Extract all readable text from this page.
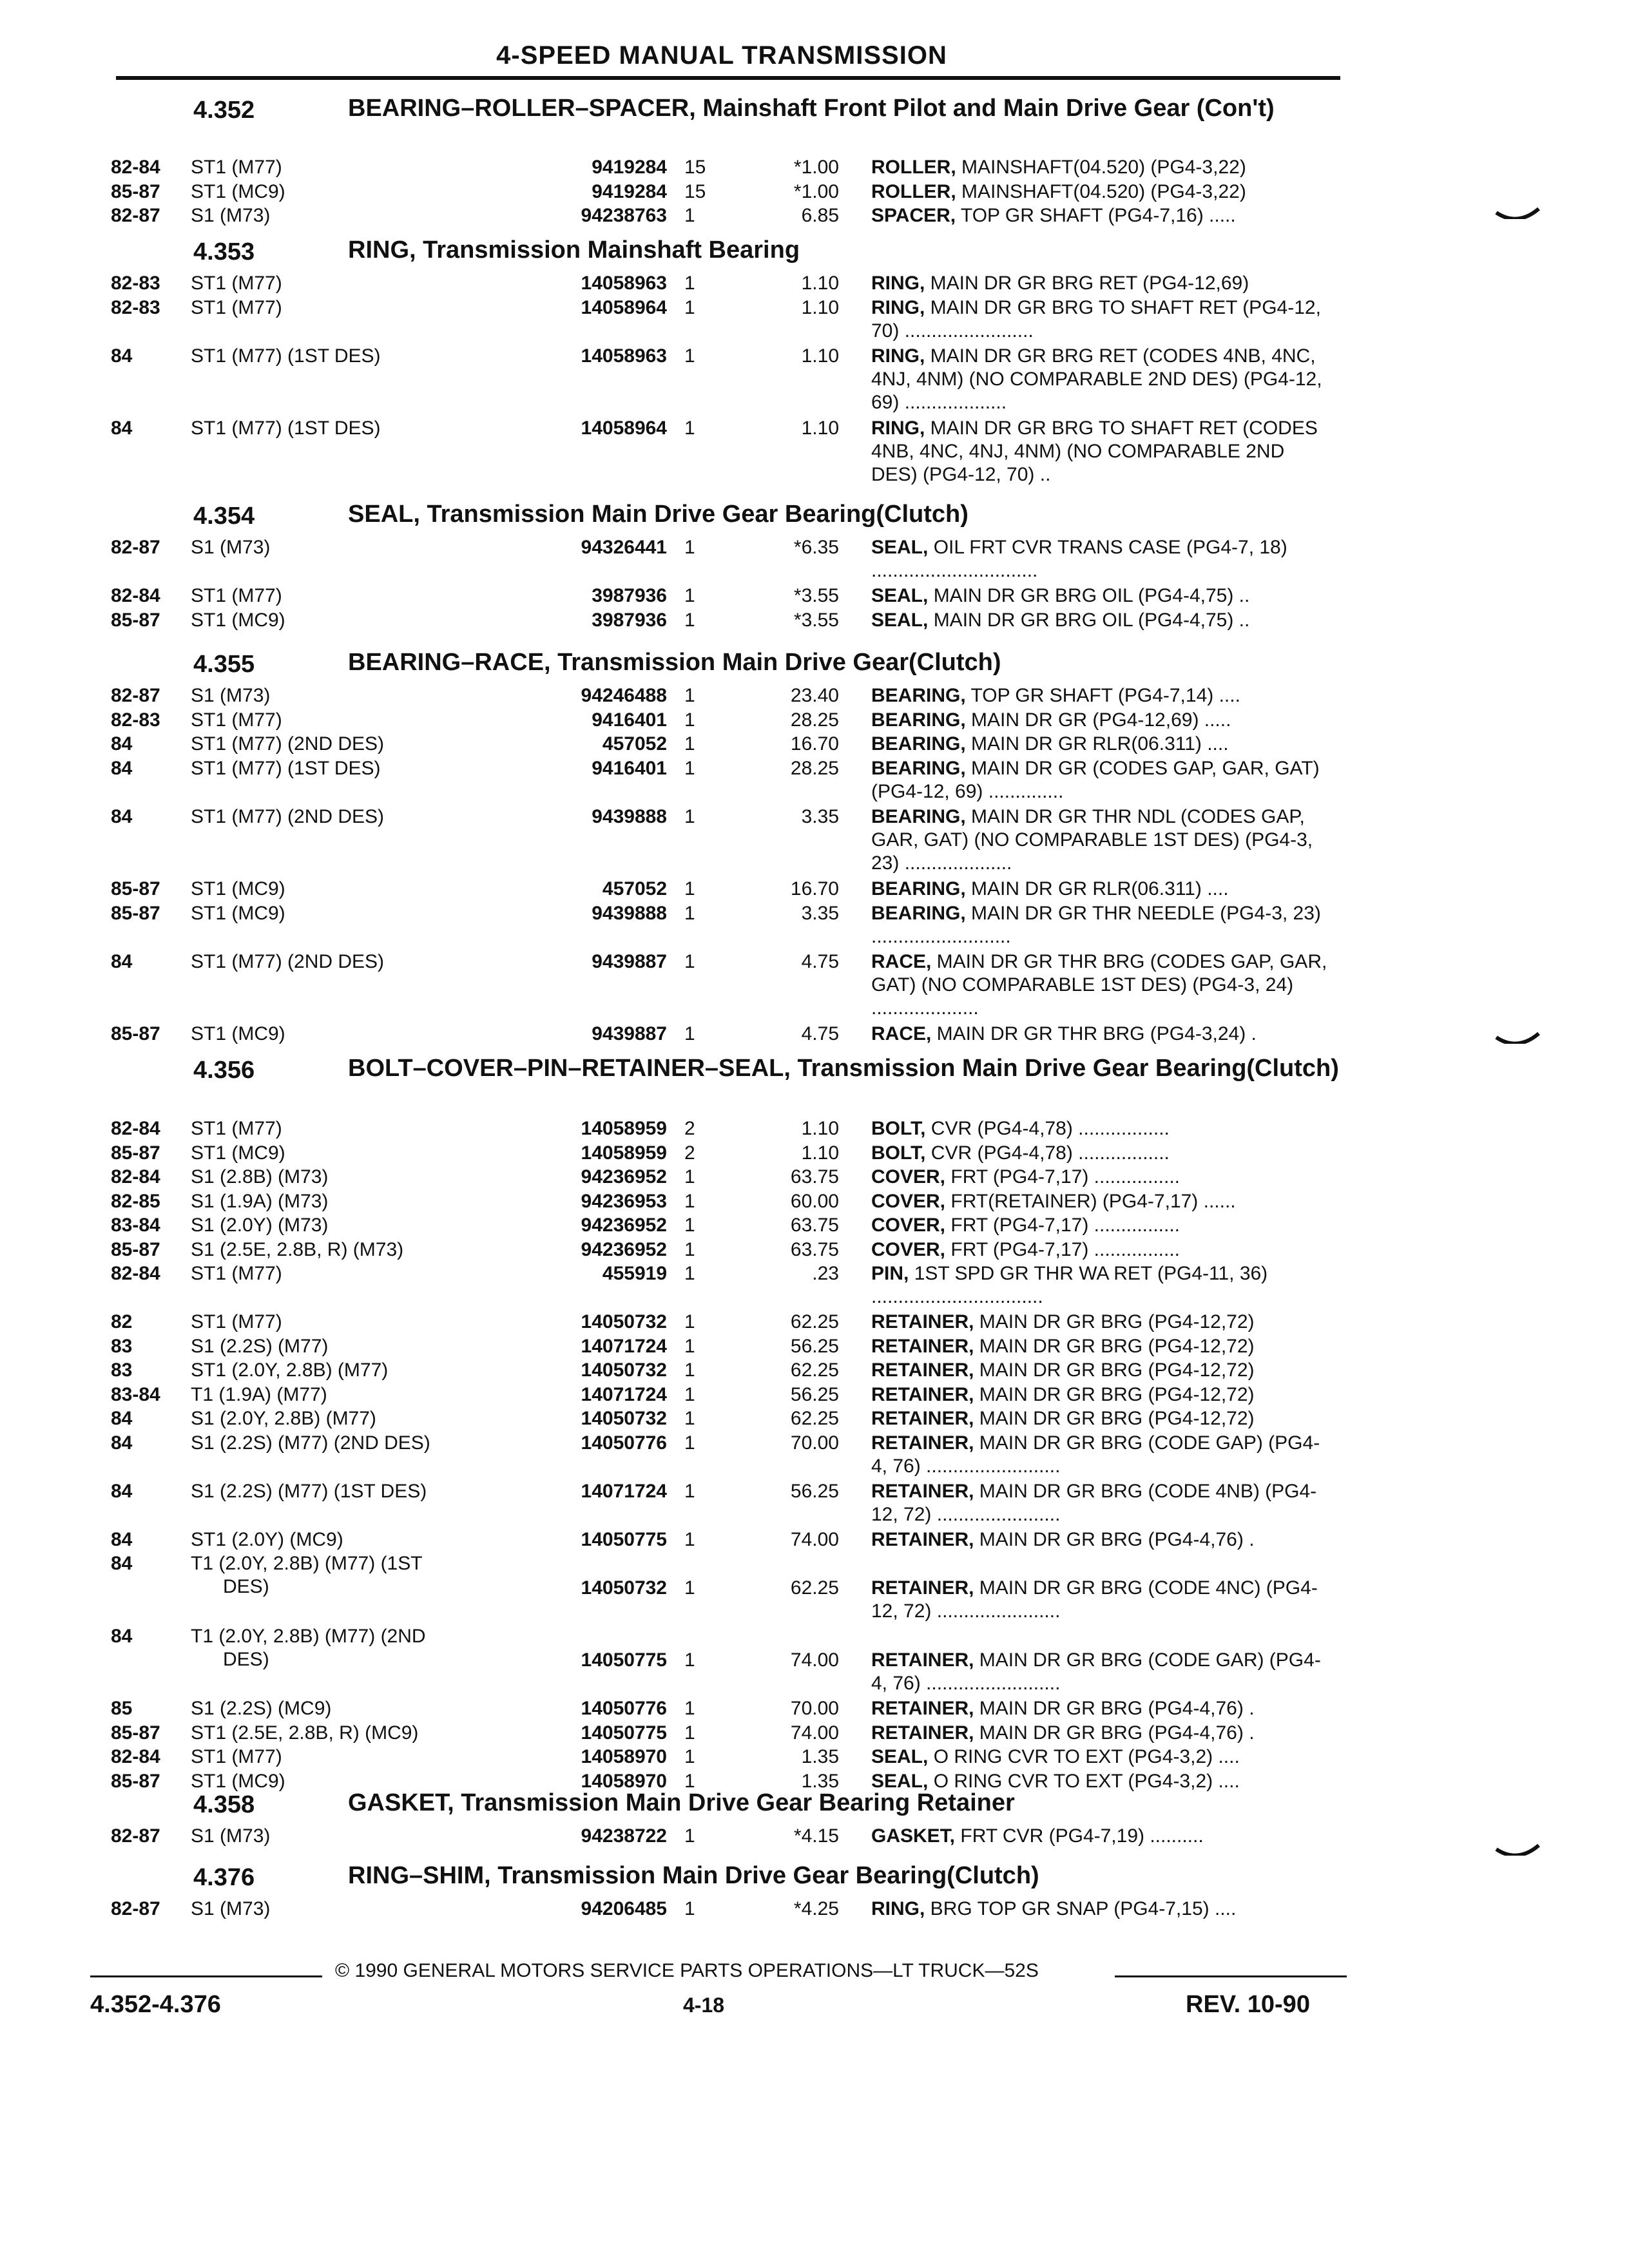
4-SPEED MANUAL TRANSMISSION
4.352	BEARING–ROLLER–SPACER, Mainshaft Front Pilot and Main Drive Gear (Con't)
82-84 ST1 (M77)	9419284 15	*1.00 ROLLER, MAINSHAFT(04.520) (PG4-3,22)
85-87 ST1 (MC9)	9419284 15	*1.00 ROLLER, MAINSHAFT(04.520) (PG4-3,22)
82-87 S1 (M73)	94238763 1	6.85 SPACER, TOP GR SHAFT (PG4-7,16) .....
4.353	RING, Transmission Mainshaft Bearing
82-83 ST1 (M77)	14058963 1	1.10 RING, MAIN DR GR BRG RET (PG4-12,69)
82-83 ST1 (M77)	14058964 1	1.10 RING, MAIN DR GR BRG TO SHAFT RET (PG4-12, 70) ........................
84	ST1 (M77) (1ST DES)	14058963 1	1.10 RING, MAIN DR GR BRG RET (CODES 4NB, 4NC, 4NJ, 4NM) (NO COMPARABLE 2ND DES) (PG4-12, 69) ...................
84	ST1 (M77) (1ST DES)	14058964 1	1.10 RING, MAIN DR GR BRG TO SHAFT RET (CODES 4NB, 4NC, 4NJ, 4NM) (NO COMPARABLE 2ND DES) (PG4-12, 70) ..
4.354	SEAL, Transmission Main Drive Gear Bearing(Clutch)
82-87 S1 (M73)	94326441 1	*6.35 SEAL, OIL FRT CVR TRANS CASE (PG4-7, 18) ...............................
82-84 ST1 (M77)	3987936 1	*3.55 SEAL, MAIN DR GR BRG OIL (PG4-4,75) ..
85-87 ST1 (MC9)	3987936 1	*3.55 SEAL, MAIN DR GR BRG OIL (PG4-4,75) ..
4.355	BEARING–RACE, Transmission Main Drive Gear(Clutch)
82-87 S1 (M73)	94246488 1	23.40 BEARING, TOP GR SHAFT (PG4-7,14) ....
82-83 ST1 (M77)	9416401 1	28.25 BEARING, MAIN DR GR (PG4-12,69) .....
84	ST1 (M77) (2ND DES)	457052 1	16.70 BEARING, MAIN DR GR RLR(06.311) ....
84	ST1 (M77) (1ST DES)	9416401 1	28.25 BEARING, MAIN DR GR (CODES GAP, GAR, GAT) (PG4-12, 69) ..............
84	ST1 (M77) (2ND DES)	9439888 1	3.35 BEARING, MAIN DR GR THR NDL (CODES GAP, GAR, GAT) (NO COMPARABLE 1ST DES) (PG4-3, 23) ....................
85-87 ST1 (MC9)	457052 1	16.70 BEARING, MAIN DR GR RLR(06.311) ....
85-87 ST1 (MC9)	9439888 1	3.35 BEARING, MAIN DR GR THR NEEDLE (PG4-3, 23) ..........................
84	ST1 (M77) (2ND DES)	9439887 1	4.75 RACE, MAIN DR GR THR BRG (CODES GAP, GAR, GAT) (NO COMPARABLE 1ST DES) (PG4-3, 24) ....................
85-87 ST1 (MC9)	9439887 1	4.75 RACE, MAIN DR GR THR BRG (PG4-3,24) .
4.356	BOLT–COVER–PIN–RETAINER–SEAL, Transmission Main Drive Gear Bearing(Clutch)
82-84 ST1 (M77)	14058959 2	1.10 BOLT, CVR (PG4-4,78) .................
85-87 ST1 (MC9)	14058959 2	1.10 BOLT, CVR (PG4-4,78) .................
82-84 S1 (2.8B) (M73)	94236952 1	63.75 COVER, FRT (PG4-7,17) ................
82-85 S1 (1.9A) (M73)	94236953 1	60.00 COVER, FRT(RETAINER) (PG4-7,17) ......
83-84 S1 (2.0Y) (M73)	94236952 1	63.75 COVER, FRT (PG4-7,17) ................
85-87 S1 (2.5E, 2.8B, R) (M73)	94236952 1	63.75 COVER, FRT (PG4-7,17) ................
82-84 ST1 (M77)	455919 1	.23 PIN, 1ST SPD GR THR WA RET (PG4-11, 36) ................................
82	ST1 (M77)	14050732 1	62.25 RETAINER, MAIN DR GR BRG (PG4-12,72)
83	S1 (2.2S) (M77)	14071724 1	56.25 RETAINER, MAIN DR GR BRG (PG4-12,72)
83	ST1 (2.0Y, 2.8B) (M77)	14050732 1	62.25 RETAINER, MAIN DR GR BRG (PG4-12,72)
83-84 T1 (1.9A) (M77)	14071724 1	56.25 RETAINER, MAIN DR GR BRG (PG4-12,72)
84	S1 (2.0Y, 2.8B) (M77)	14050732 1	62.25 RETAINER, MAIN DR GR BRG (PG4-12,72)
84	S1 (2.2S) (M77) (2ND DES)	14050776 1	70.00 RETAINER, MAIN DR GR BRG (CODE GAP) (PG4-4, 76) .........................
84	S1 (2.2S) (M77) (1ST DES)	14071724 1	56.25 RETAINER, MAIN DR GR BRG (CODE 4NB) (PG4-12, 72) .......................
84	ST1 (2.0Y) (MC9)	14050775 1	74.00 RETAINER, MAIN DR GR BRG (PG4-4,76) .
84	T1 (2.0Y, 2.8B) (M77) (1ST
DES)	14050732 1	62.25 RETAINER, MAIN DR GR BRG (CODE 4NC) (PG4-12, 72) .......................
84	T1 (2.0Y, 2.8B) (M77) (2ND
DES)	14050775 1	74.00 RETAINER, MAIN DR GR BRG (CODE GAR) (PG4-4, 76) .........................
85	S1 (2.2S) (MC9)	14050776 1	70.00 RETAINER, MAIN DR GR BRG (PG4-4,76) .
85-87 ST1 (2.5E, 2.8B, R) (MC9)	14050775 1	74.00 RETAINER, MAIN DR GR BRG (PG4-4,76) .
82-84 ST1 (M77)	14058970 1	1.35 SEAL, O RING CVR TO EXT (PG4-3,2) ....
85-87 ST1 (MC9)	14058970 1	1.35 SEAL, O RING CVR TO EXT (PG4-3,2) ....
4.358	GASKET, Transmission Main Drive Gear Bearing Retainer
82-87 S1 (M73)	94238722 1	*4.15 GASKET, FRT CVR (PG4-7,19) ..........
4.376	RING–SHIM, Transmission Main Drive Gear Bearing(Clutch)
82-87 S1 (M73)	94206485 1	*4.25 RING, BRG TOP GR SNAP (PG4-7,15) ....
© 1990 GENERAL MOTORS SERVICE PARTS OPERATIONS—LT TRUCK—52S
4.352-4.376	4-18	REV. 10-90
